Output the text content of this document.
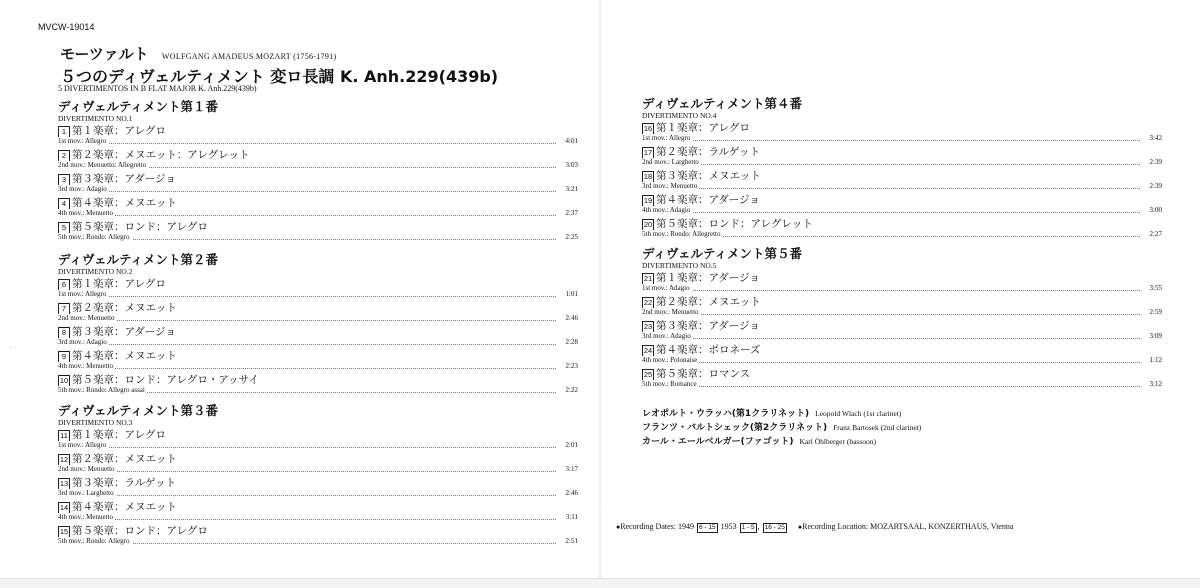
MVCW-19014
モーツァルト WOLFGANG AMADEUS MOZART (1756-1791)
５つのディヴェルティメント 変ロ長調 K. Anh.229(439b)
5 DIVERTIMENTOS IN B FLAT MAJOR K. Anh.229(439b)
ディヴェルティメント第１番
DIVERTIMENTO NO.1
1 第１楽章：アレグロ
1st mov.: Allegro	4:01
2 第２楽章：メヌエット：アレグレット
2nd mov.: Menuetto: Allegretto	3:03
3 第３楽章：アダージョ
3rd mov.: Adagio	3:21
4 第４楽章：メヌエット
4th mov.: Menuetto	2:37
5 第５楽章：ロンド：アレグロ
5th mov.: Rondo: Allegro	2:25
ディヴェルティメント第２番
DIVERTIMENTO NO.2
6 第１楽章：アレグロ
1st mov.: Allegro	1:01
7 第２楽章：メヌエット
2nd mov.: Menuetto	2:46
8 第３楽章：アダージョ
3rd mov.: Adagio	2:28
9 第４楽章：メヌエット
4th mov.: Menuetto	2:23
10 第５楽章：ロンド：アレグロ・アッサイ
5th mov.: Rondo: Allegro assai	2:22
ディヴェルティメント第３番
DIVERTIMENTO NO.3
11 第１楽章：アレグロ
1st mov.: Allegro	2:01
12 第２楽章：メヌエット
2nd mov.: Menuetto	3:17
13 第３楽章：ラルゲット
3rd mov.: Larghetto	2:46
14 第４楽章：メヌエット
4th mov.: Menuetto	3:11
15 第５楽章：ロンド：アレグロ
5th mov.: Rondo: Allegro	2:51
· ·
ディヴェルティメント第４番
DIVERTIMENTO NO.4
16 第１楽章：アレグロ
1st mov.: Allegro	3:42
17 第２楽章：ラルゲット
2nd mov.: Larghetto	2:39
18 第３楽章：メヌエット
3rd mov.: Menuetto	2:39
19 第４楽章：アダージョ
4th mov.: Adagio	3:00
20 第５楽章：ロンド：アレグレット
5th mov.: Rondo: Allegretto	2:27
ディヴェルティメント第５番
DIVERTIMENTO NO.5
21 第１楽章：アダージョ
1st mov.: Adagio	3:55
22 第２楽章：メヌエット
2nd mov.: Menuetto	2:59
23 第３楽章：アダージョ
3rd mov.: Adagio	3:09
24 第４楽章：ポロネーズ
4th mov.: Polonaise	1:12
25 第５楽章：ロマンス
5th mov.: Romance	3:12
レオポルト・ウラッハ(第1クラリネット) Leopold Wlach (1st clarinet)
フランツ・バルトシェック(第2クラリネット) Franz Bartosek (2nd clarinet)
カール・エールベルガー(ファゴット) Karl Öhlberger (bassoon)
●Recording Dates: 1949 6 - 15 1953 1 - 5 , 16 - 25 ●Recording Location: MOZARTSAAL, KONZERTHAUS, Vienna
